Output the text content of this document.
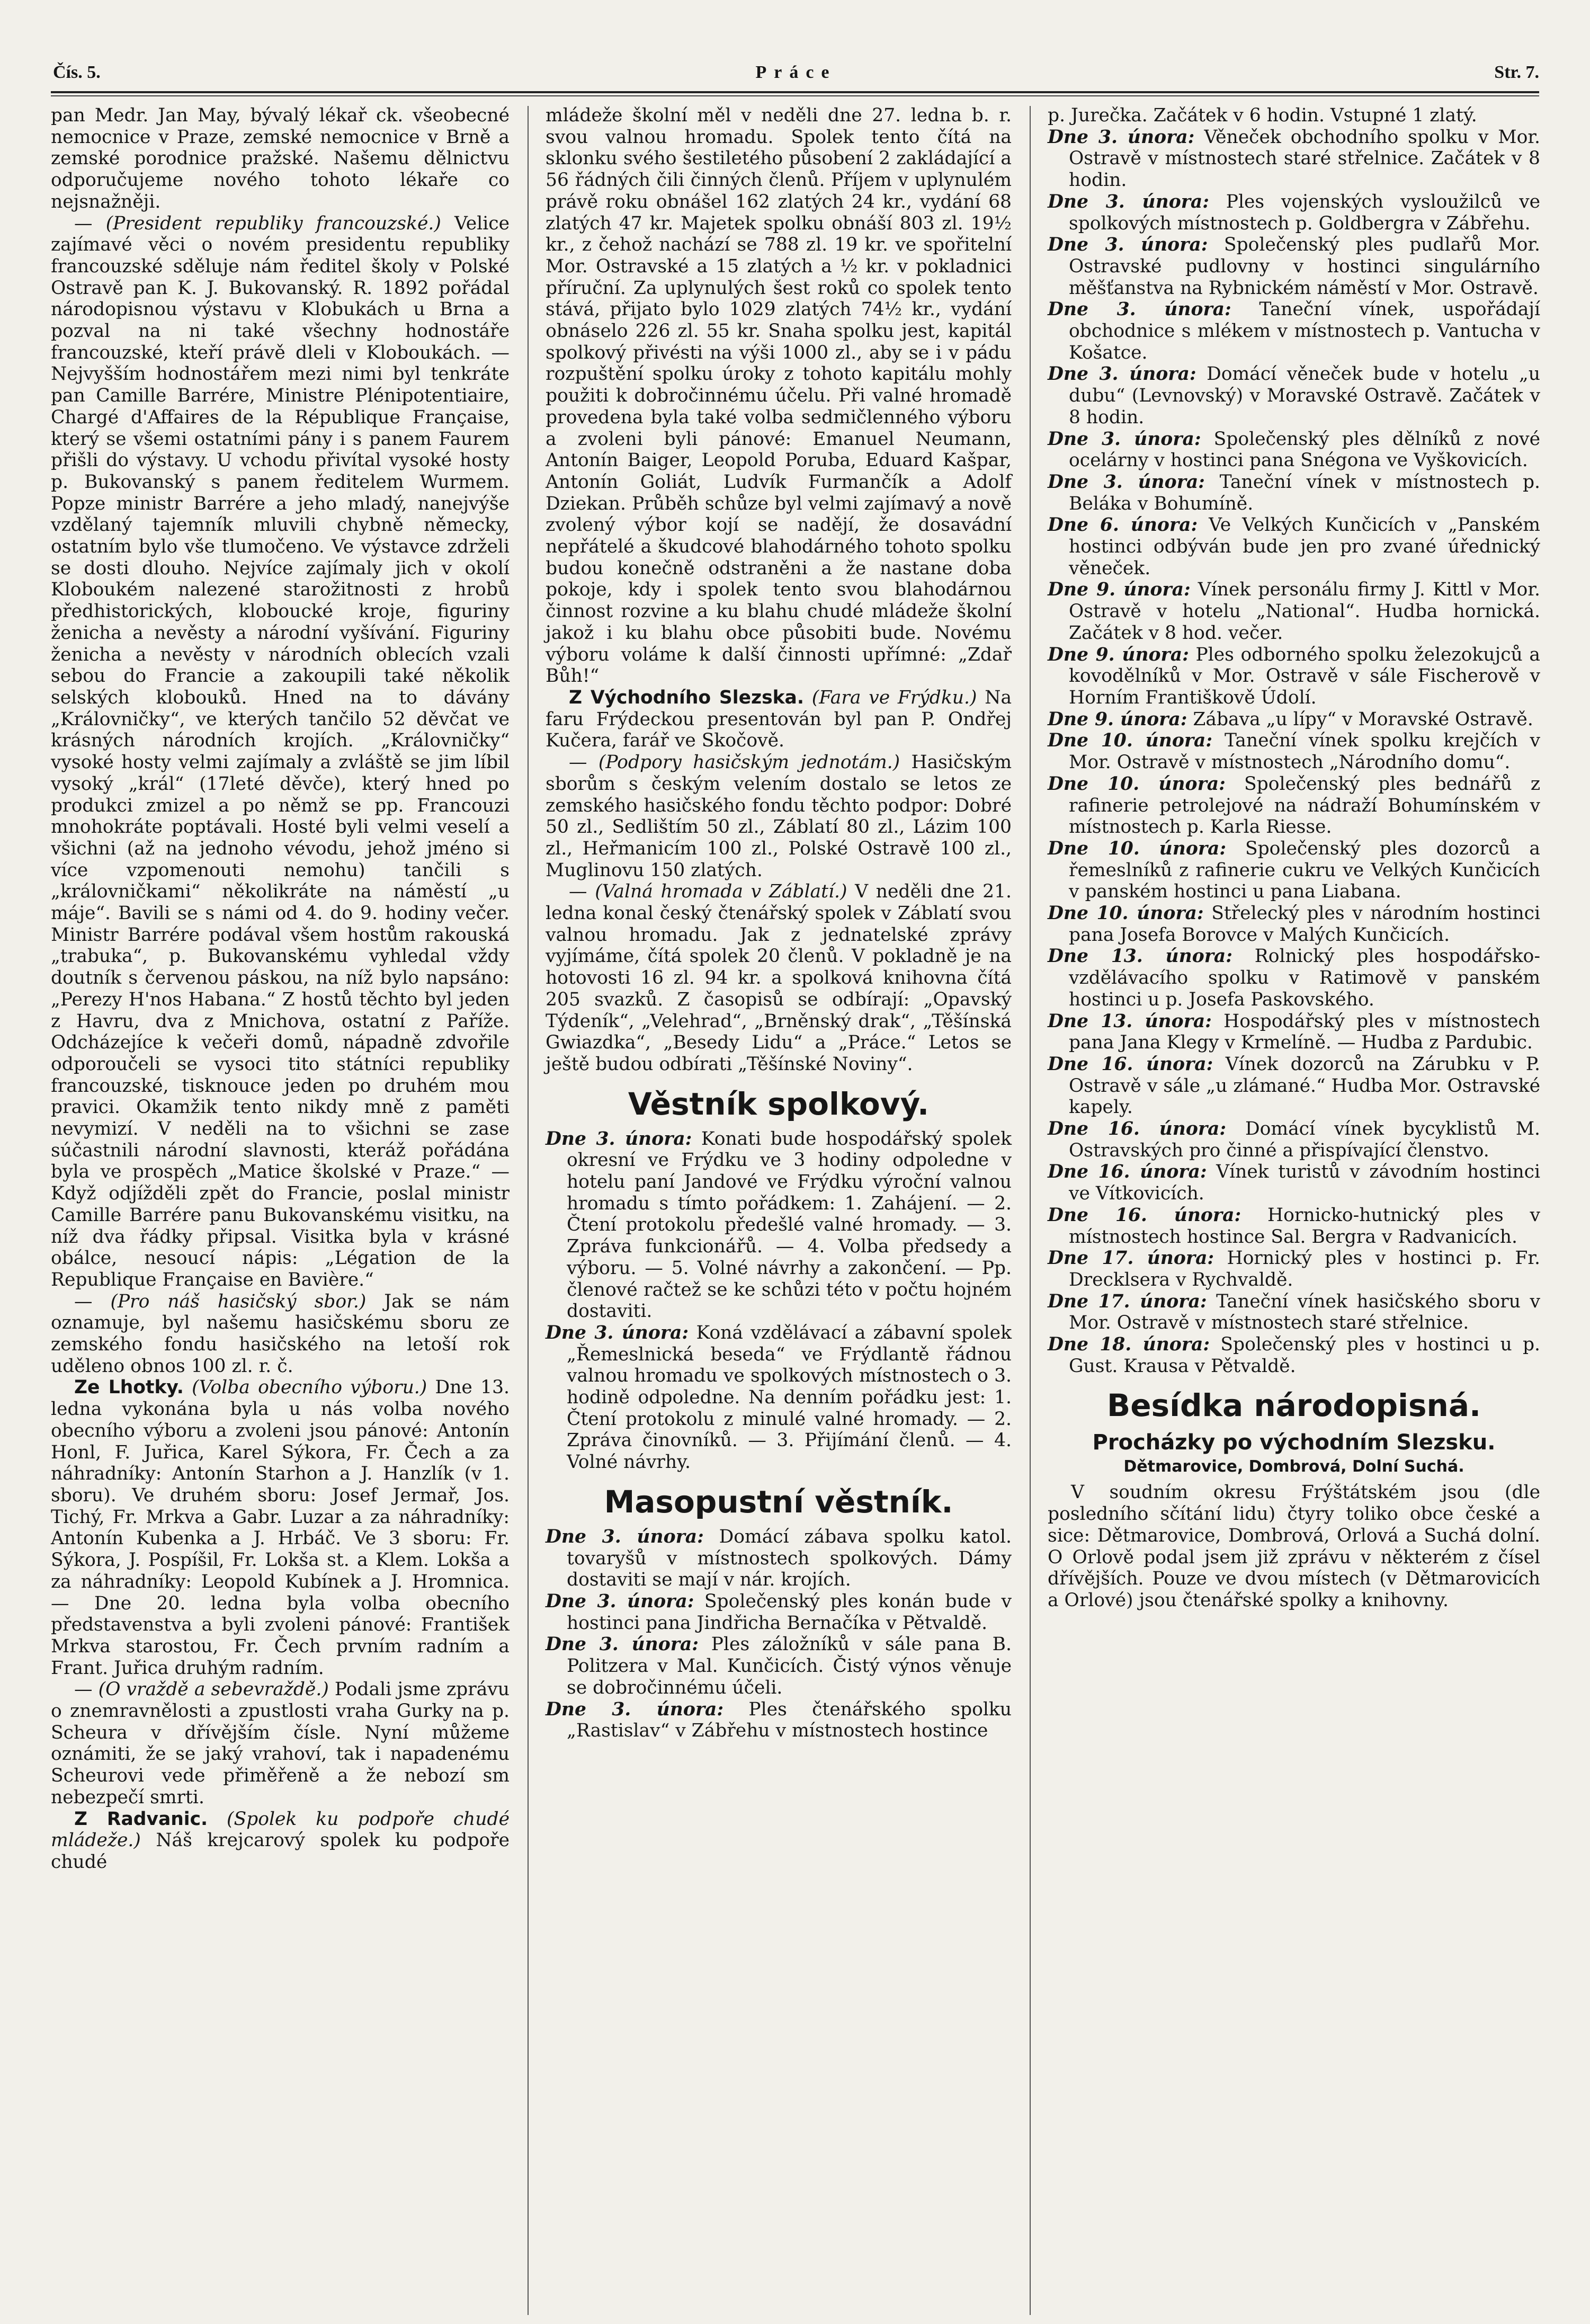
Čís. 5.	Práce	Str. 7.

pan Medr. Jan May, bývalý lékař ck. všeobecné nemocnice v Praze, zemské nemocnice v Brně a zemské porodnice pražské. Našemu dělnictvu odporučujeme nového tohoto lékaře co nejsnažněji.

— (President republiky francouzské.) Velice zajímavé věci o novém presidentu republiky francouzské sděluje nám ředitel školy v Polské Ostravě pan K. J. Bukovanský. R. 1892 pořádal národopisnou výstavu v Klobukách u Brna a pozval na ni také všechny hodnostáře francouzské, kteří právě dleli v Kloboukách. — Nejvyšším hodnostářem mezi nimi byl tenkráte pan Camille Barrére, Ministre Plénipotentiaire, Chargé d'Affaires de la République Française, který se všemi ostatními pány i s panem Faurem přišli do výstavy. U vchodu přivítal vysoké hosty p. Bukovanský s panem ředitelem Wurmem. Popze ministr Barrére a jeho mladý, nanejvýše vzdělaný tajemník mluvili chybně německy, ostatním bylo vše tlumočeno. Ve výstavce zdrželi se dosti dlouho. Nejvíce zajímaly jich v okolí Kloboukém nalezené starožitnosti z hrobů předhistorických, kloboucké kroje, figuriny ženicha a nevěsty a národní vyšívání. Figuriny ženicha a nevěsty v národních oblecích vzali sebou do Francie a zakoupili také několik selských klobouků. Hned na to dávány „Královničky“, ve kterých tančilo 52 děvčat ve krásných národních krojích. „Královničky“ vysoké hosty velmi zajímaly a zvláště se jim líbil vysoký „král“ (17leté děvče), který hned po produkci zmizel a po němž se pp. Francouzi mnohokráte poptávali. Hosté byli velmi veselí a všichni (až na jednoho vévodu, jehož jméno si více vzpomenouti nemohu) tančili s „královničkami“ několikráte na náměstí „u máje“. Bavili se s námi od 4. do 9. hodiny večer. Ministr Barrére podával všem hostům rakouská „trabuka“, p. Bukovanskému vyhledal vždy doutník s červenou páskou, na níž bylo napsáno: „Perezy H'nos Habana.“ Z hostů těchto byl jeden z Havru, dva z Mnichova, ostatní z Paříže. Odcházejíce k večeři domů, nápadně zdvořile odporoučeli se vysoci tito státníci republiky francouzské, tisknouce jeden po druhém mou pravici. Okamžik tento nikdy mně z paměti nevymizí. V neděli na to všichni se zase súčastnili národní slavnosti, kteráž pořádána byla ve prospěch „Matice školské v Praze.“ — Když odjížděli zpět do Francie, poslal ministr Camille Barrére panu Bukovanskému visitku, na níž dva řádky připsal. Visitka byla v krásné obálce, nesoucí nápis: „Légation de la Republique Française en Bavière.“

— (Pro náš hasičský sbor.) Jak se nám oznamuje, byl našemu hasičskému sboru ze zemského fondu hasičského na letoší rok uděleno obnos 100 zl. r. č.

Ze Lhotky. (Volba obecního výboru.) Dne 13. ledna vykonána byla u nás volba nového obecního výboru a zvoleni jsou pánové: Antonín Honl, F. Juřica, Karel Sýkora, Fr. Čech a za náhradníky: Antonín Starhon a J. Hanzlík (v 1. sboru). Ve druhém sboru: Josef Jermař, Jos. Tichý, Fr. Mrkva a Gabr. Luzar a za náhradníky: Antonín Kubenka a J. Hrbáč. Ve 3 sboru: Fr. Sýkora, J. Pospíšil, Fr. Lokša st. a Klem. Lokša a za náhradníky: Leopold Kubínek a J. Hromnica. — Dne 20. ledna byla volba obecního představenstva a byli zvoleni pánové: František Mrkva starostou, Fr. Čech prvním radním a Frant. Juřica druhým radním.

— (O vraždě a sebevraždě.) Podali jsme zprávu o znemravnělosti a zpustlosti vraha Gurky na p. Scheura v dřívějším čísle. Nyní můžeme oznámiti, že se jaký vrahoví, tak i napadenému Scheurovi vede přiměřeně a že nebozí sm nebezpečí smrti.

Z Radvanic. (Spolek ku podpoře chudé mládeže.) Náš krejcarový spolek ku podpoře chudé

mládeže školní měl v neděli dne 27. ledna b. r. svou valnou hromadu. Spolek tento čítá na sklonku svého šestiletého působení 2 zakládající a 56 řádných čili činných členů. Příjem v uplynulém právě roku obnášel 162 zlatých 24 kr., vydání 68 zlatých 47 kr. Majetek spolku obnáší 803 zl. 19½ kr., z čehož nachází se 788 zl. 19 kr. ve spořitelní Mor. Ostravské a 15 zlatých a ½ kr. v pokladnici příruční. Za uplynulých šest roků co spolek tento stává, přijato bylo 1029 zlatých 74½ kr., vydání obnáselo 226 zl. 55 kr. Snaha spolku jest, kapitál spolkový přivésti na výši 1000 zl., aby se i v pádu rozpuštění spolku úroky z tohoto kapitálu mohly použiti k dobročinnému účelu. Při valné hromadě provedena byla také volba sedmičlenného výboru a zvoleni byli pánové: Emanuel Neumann, Antonín Baiger, Leopold Poruba, Eduard Kašpar, Antonín Goliát, Ludvík Furmančík a Adolf Dziekan. Průběh schůze byl velmi zajímavý a nově zvolený výbor kojí se nadějí, že dosavádní nepřátelé a škudcové blahodárného tohoto spolku budou konečně odstraněni a že nastane doba pokoje, kdy i spolek tento svou blahodárnou činnost rozvine a ku blahu chudé mládeže školní jakož i ku blahu obce působiti bude. Novému výboru voláme k další činnosti upřímné: „Zdař Bůh!“

Z Východního Slezska. (Fara ve Frýdku.) Na faru Frýdeckou presentován byl pan P. Ondřej Kučera, farář ve Skočově.

— (Podpory hasičským jednotám.) Hasičským sborům s českým velením dostalo se letos ze zemského hasičského fondu těchto podpor: Dobré 50 zl., Sedlištím 50 zl., Záblatí 80 zl., Lázim 100 zl., Heřmanicím 100 zl., Polské Ostravě 100 zl., Muglinovu 150 zlatých.

— (Valná hromada v Záblatí.) V neděli dne 21. ledna konal český čtenářský spolek v Záblatí svou valnou hromadu. Jak z jednatelské zprávy vyjímáme, čítá spolek 20 členů. V pokladně je na hotovosti 16 zl. 94 kr. a spolková knihovna čítá 205 svazků. Z časopisů se odbírají: „Opavský Týdeník“, „Velehrad“, „Brněnský drak“, „Těšínská Gwiazdka“, „Besedy Lidu“ a „Práce.“ Letos se ještě budou odbírati „Těšínské Noviny“.

Věstník spolkový.

Dne 3. února: Konati bude hospodářský spolek okresní ve Frýdku ve 3 hodiny odpoledne v hotelu paní Jandové ve Frýdku výroční valnou hromadu s tímto pořádkem: 1. Zahájení. — 2. Čtení protokolu předešlé valné hromady. — 3. Zpráva funkcionářů. — 4. Volba předsedy a výboru. — 5. Volné návrhy a zakončení. — Pp. členové račtež se ke schůzi této v počtu hojném dostaviti.

Dne 3. února: Koná vzdělávací a zábavní spolek „Řemeslnická beseda“ ve Frýdlantě řádnou valnou hromadu ve spolkových místnostech o 3. hodině odpoledne. Na denním pořádku jest: 1. Čtení protokolu z minulé valné hromady. — 2. Zpráva činovníků. — 3. Přijímání členů. — 4. Volné návrhy.

Masopustní věstník.

Dne 3. února: Domácí zábava spolku katol. tovaryšů v místnostech spolkových. Dámy dostaviti se mají v nár. krojích.

Dne 3. února: Společenský ples konán bude v hostinci pana Jindřicha Bernačíka v Pětvaldě.

Dne 3. února: Ples záložníků v sále pana B. Politzera v Mal. Kunčicích. Čistý výnos věnuje se dobročinnému účeli.

Dne 3. února: Ples čtenářského spolku „Rastislav“ v Zábřehu v místnostech hostince

p. Jurečka. Začátek v 6 hodin. Vstupné 1 zlatý.

Dne 3. února: Věneček obchodního spolku v Mor. Ostravě v místnostech staré střelnice. Začátek v 8 hodin.

Dne 3. února: Ples vojenských vysloužilců ve spolkových místnostech p. Goldbergra v Zábřehu.

Dne 3. února: Společenský ples pudlařů Mor. Ostravské pudlovny v hostinci singulárního měšťanstva na Rybnickém náměstí v Mor. Ostravě.

Dne 3. února: Taneční vínek, uspořádají obchodnice s mlékem v místnostech p. Vantucha v Košatce.

Dne 3. února: Domácí věneček bude v hotelu „u dubu“ (Levnovský) v Moravské Ostravě. Začátek v 8 hodin.

Dne 3. února: Společenský ples dělníků z nové ocelárny v hostinci pana Snégona ve Vyškovicích.

Dne 3. února: Taneční vínek v místnostech p. Beláka v Bohumíně.

Dne 6. února: Ve Velkých Kunčicích v „Panském hostinci odbýván bude jen pro zvané úřednický věneček.

Dne 9. února: Vínek personálu firmy J. Kittl v Mor. Ostravě v hotelu „National“. Hudba hornická. Začátek v 8 hod. večer.

Dne 9. února: Ples odborného spolku železokujců a kovodělníků v Mor. Ostravě v sále Fischerově v Horním Františkově Údolí.

Dne 9. února: Zábava „u lípy“ v Moravské Ostravě.

Dne 10. února: Taneční vínek spolku krejčích v Mor. Ostravě v místnostech „Národního domu“.

Dne 10. února: Společenský ples bednářů z rafinerie petrolejové na nádraží Bohumínském v místnostech p. Karla Riesse.

Dne 10. února: Společenský ples dozorců a řemeslníků z rafinerie cukru ve Velkých Kunčicích v panském hostinci u pana Liabana.

Dne 10. února: Střelecký ples v národním hostinci pana Josefa Borovce v Malých Kunčicích.

Dne 13. února: Rolnický ples hospodářsko-vzdělávacího spolku v Ratimově v panském hostinci u p. Josefa Paskovského.

Dne 13. února: Hospodářský ples v místnostech pana Jana Klegy v Krmelíně. — Hudba z Pardubic.

Dne 16. února: Vínek dozorců na Zárubku v P. Ostravě v sále „u zlámané.“ Hudba Mor. Ostravské kapely.

Dne 16. února: Domácí vínek bycyklistů M. Ostravských pro činné a přispívající členstvo.

Dne 16. února: Vínek turistů v závodním hostinci ve Vítkovicích.

Dne 16. února: Hornicko-hutnický ples v místnostech hostince Sal. Bergra v Radvanicích.

Dne 17. února: Hornický ples v hostinci p. Fr. Drecklsera v Rychvaldě.

Dne 17. února: Taneční vínek hasičského sboru v Mor. Ostravě v místnostech staré střelnice.

Dne 18. února: Společenský ples v hostinci u p. Gust. Krausa v Pětvaldě.

Besídka národopisná.
Procházky po východním Slezsku.
Dětmarovice, Dombrová, Dolní Suchá.

V soudním okresu Frýštátském jsou (dle posledního sčítání lidu) čtyry toliko obce české a sice: Dětmarovice, Dombrová, Orlová a Suchá dolní. O Orlově podal jsem již zprávu v některém z čísel dřívějších. Pouze ve dvou místech (v Dětmarovicích a Orlové) jsou čtenářské spolky a knihovny.
